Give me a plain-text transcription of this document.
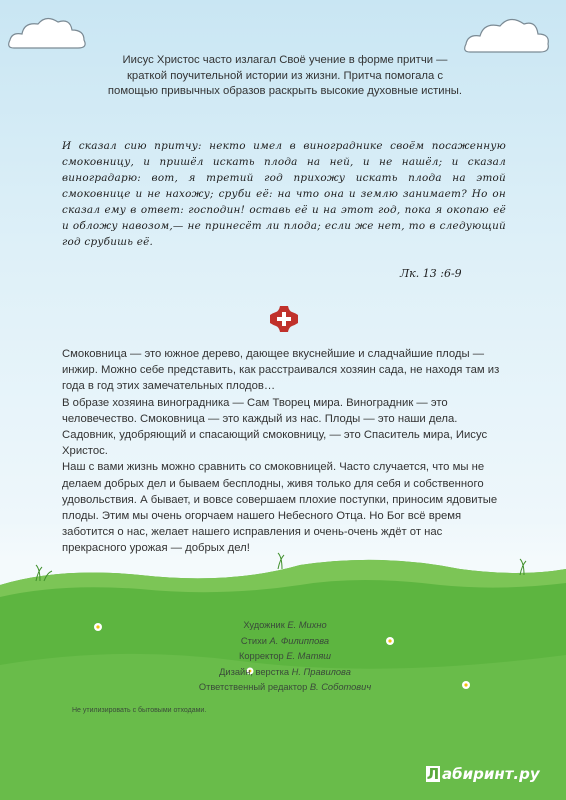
Иисус Христос часто излагал Своё учение в форме притчи —
краткой поучительной истории из жизни. Притча помогала с
помощью привычных образов раскрыть высокие духовные истины.
И сказал сию притчу: некто имел в винограднике своём посаженную смоковницу, и пришёл искать плода на ней, и не нашёл; и сказал виноградарю: вот, я третий год прихожу искать плода на этой смоковнице и не нахожу; сруби её: на что она и землю занимает? Но он сказал ему в ответ: господин! оставь её и на этот год, пока я окопаю её и обложу навозом,— не принесёт ли плода; если же нет, то в следующий год срубишь её.
Лк. 13 :6-9

Смоковница — это южное дерево, дающее вкуснейшие и сладчайшие плоды — инжир. Можно себе представить, как расстраивался хозяин сада, не находя там из года в год этих замечательных плодов…

В образе хозяина виноградника — Сам Творец мира. Виноградник — это человечество. Смоковница — это каждый из нас. Плоды — это наши дела. Садовник, удобряющий и спасающий смоковницу, — это Спаситель мира, Иисус Христос.

Наш с вами жизнь можно сравнить со смоковницей. Часто случается, что мы не делаем добрых дел и бываем бесплодны, живя только для себя и собственного удовольствия. А бывает, и вовсе совершаем плохие поступки, приносим ядовитые плоды. Этим мы очень огорчаем нашего Небесного Отца. Но Бог всё время заботится о нас, желает нашего исправления и очень-очень ждёт от нас прекрасного урожая — добрых дел!

Художник Е. Михно
Стихи А. Филиппова
Корректор Е. Матяш
Дизайн, верстка Н. Правилова
Ответственный редактор В. Соботович
Не утилизировать с бытовыми отходами.
Л абиринт.ру
